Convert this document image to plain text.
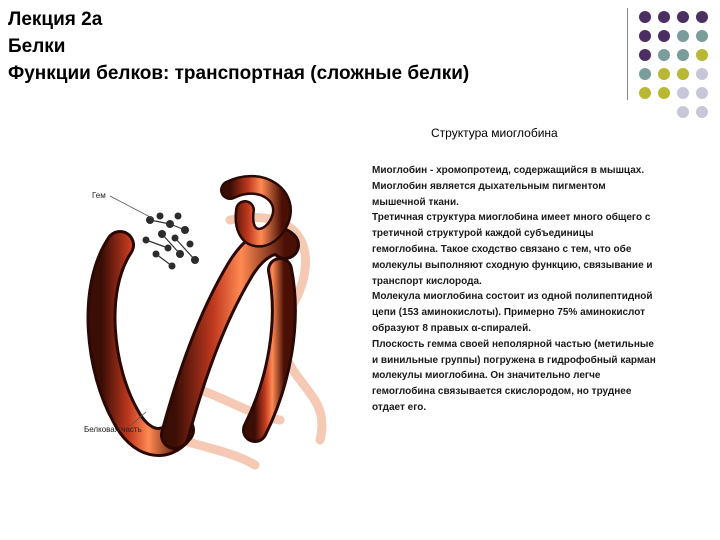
Лекция 2а
Белки
Функции белков: транспортная (сложные белки)
Структура миоглобина
Гем
Белковая часть

Миоглобин - хромопротеид, содержащийся в мышцах.

Миоглобин является дыхательным пигментом мышечной ткани.

Третичная структура миоглобина имеет много общего с третичной структурой каждой субъединицы гемоглобина. Такое сходство связано с тем, что обе молекулы выполняют сходную функцию, связывание и транспорт кислорода.

Молекула миоглобина состоит из одной полипептидной цепи (153 аминокислоты). Примерно 75% аминокислот образуют 8 правых α-спиралей.

Плоскость гемма своей неполярной частью (метильные и винильные группы) погружена в гидрофобный карман молекулы миоглобина. Он значительно легче гемоглобина связывается скислородом, но труднее отдает его.
